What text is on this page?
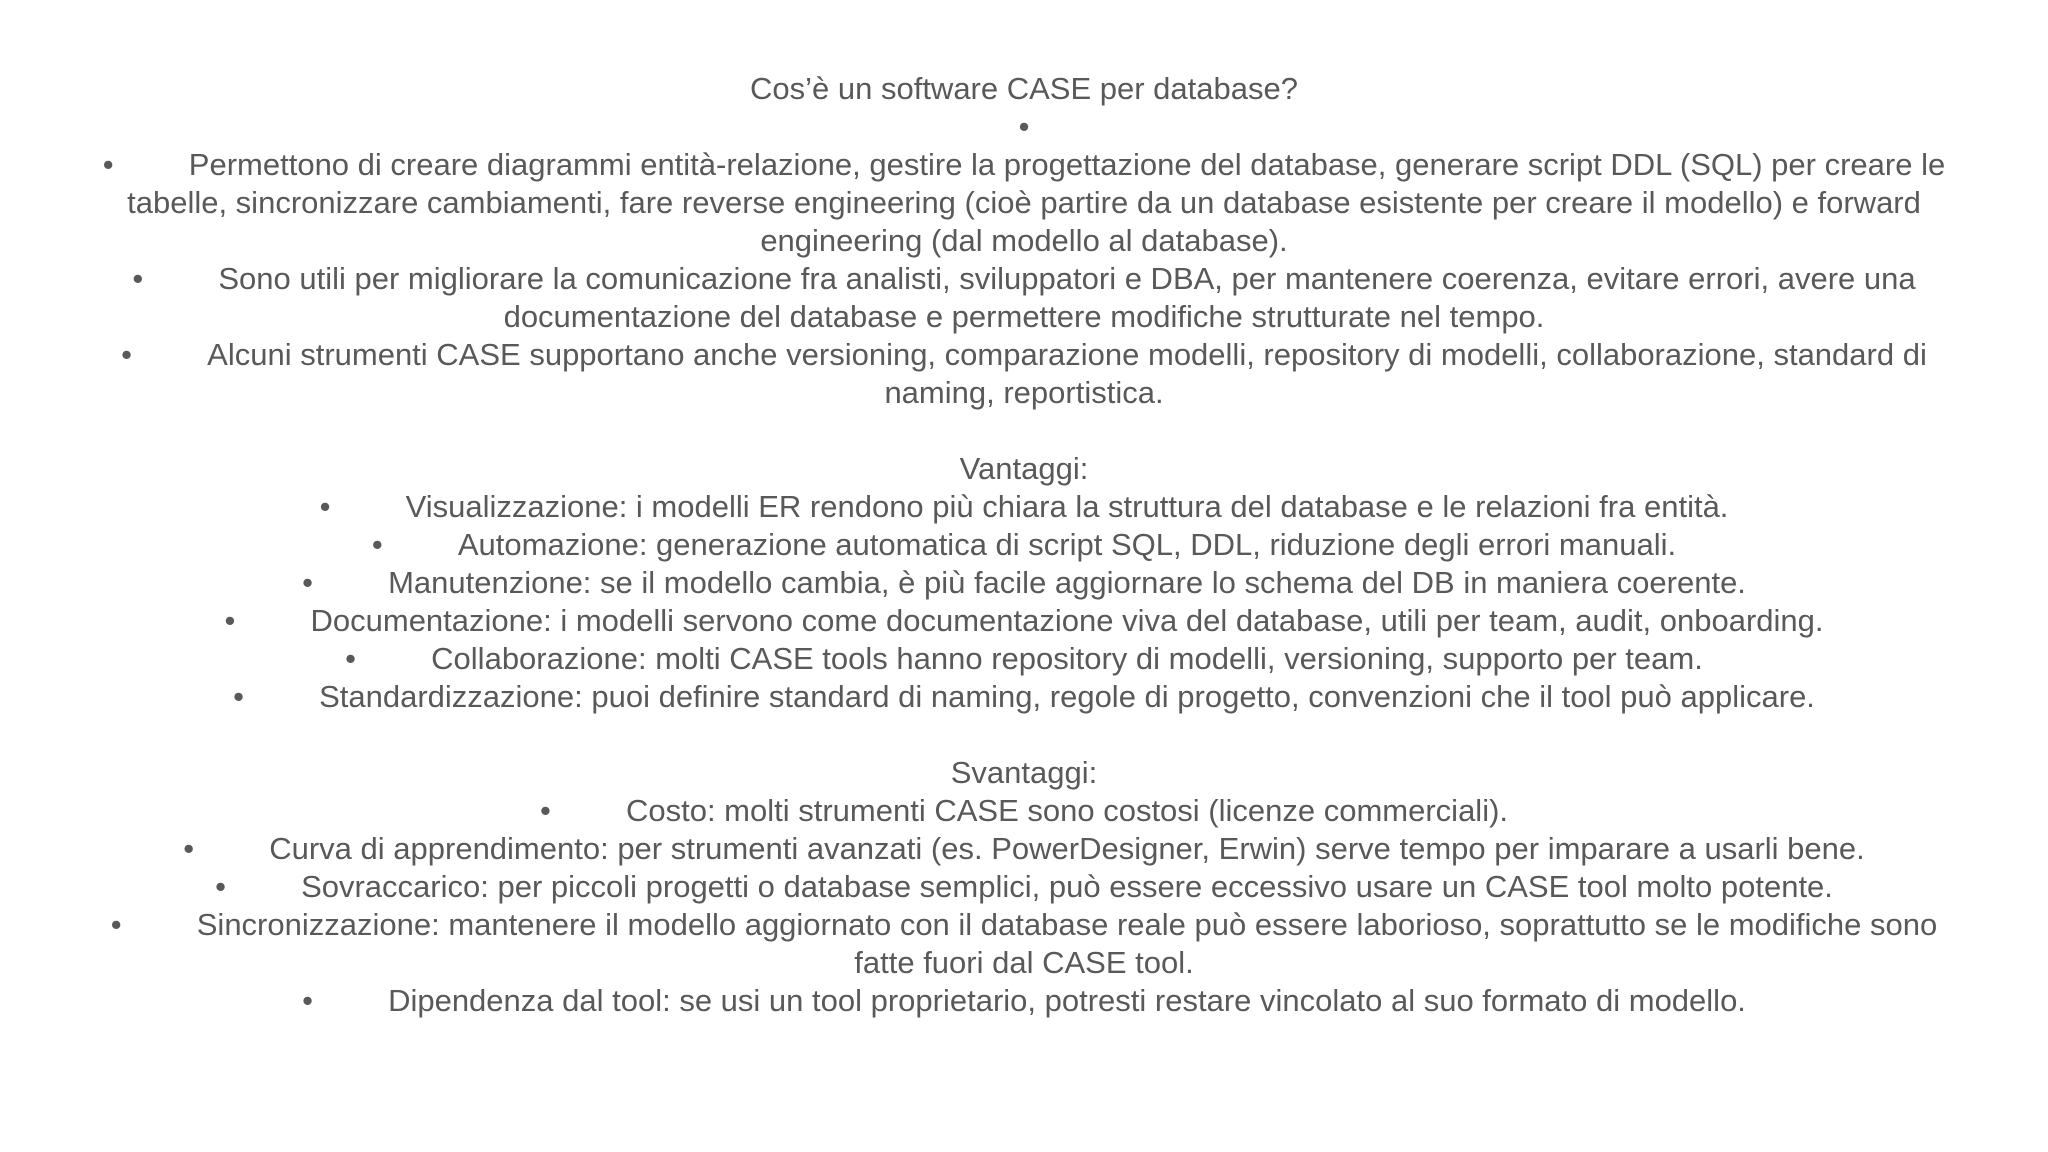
Cos’è un software CASE per database?

•

• Permettono di creare diagrammi entità-relazione, gestire la progettazione del database, generare script DDL (SQL) per creare le tabelle, sincronizzare cambiamenti, fare reverse engineering (cioè partire da un database esistente per creare il modello) e forward engineering (dal modello al database).

• Sono utili per migliorare la comunicazione fra analisti, sviluppatori e DBA, per mantenere coerenza, evitare errori, avere una documentazione del database e permettere modifiche strutturate nel tempo.

• Alcuni strumenti CASE supportano anche versioning, comparazione modelli, repository di modelli, collaborazione, standard di naming, reportistica.

Vantaggi:

• Visualizzazione: i modelli ER rendono più chiara la struttura del database e le relazioni fra entità.

• Automazione: generazione automatica di script SQL, DDL, riduzione degli errori manuali.

• Manutenzione: se il modello cambia, è più facile aggiornare lo schema del DB in maniera coerente.

• Documentazione: i modelli servono come documentazione viva del database, utili per team, audit, onboarding.

• Collaborazione: molti CASE tools hanno repository di modelli, versioning, supporto per team.

• Standardizzazione: puoi definire standard di naming, regole di progetto, convenzioni che il tool può applicare.

Svantaggi:

• Costo: molti strumenti CASE sono costosi (licenze commerciali).

• Curva di apprendimento: per strumenti avanzati (es. PowerDesigner, Erwin) serve tempo per imparare a usarli bene.

• Sovraccarico: per piccoli progetti o database semplici, può essere eccessivo usare un CASE tool molto potente.

• Sincronizzazione: mantenere il modello aggiornato con il database reale può essere laborioso, soprattutto se le modifiche sono fatte fuori dal CASE tool.

• Dipendenza dal tool: se usi un tool proprietario, potresti restare vincolato al suo formato di modello.
